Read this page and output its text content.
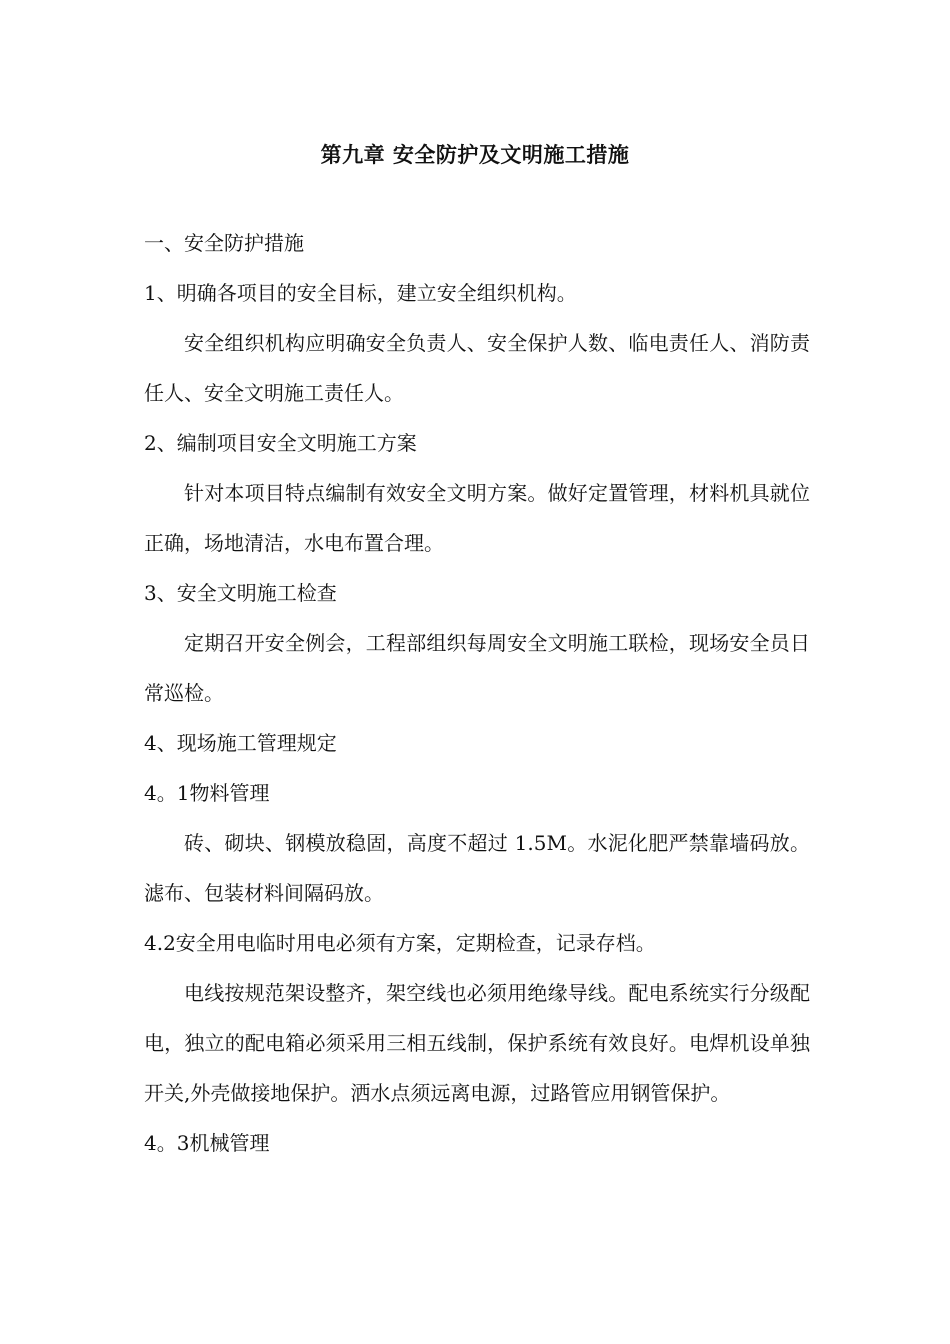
第九章 安全防护及文明施工措施

一、安全防护措施

1、明确各项目的安全目标，建立安全组织机构。

安全组织机构应明确安全负责人、安全保护人数、临电责任人、消防责任人、安全文明施工责任人。

2、编制项目安全文明施工方案

针对本项目特点编制有效安全文明方案。做好定置管理，材料机具就位正确，场地清洁，水电布置合理。

3、安全文明施工检查

定期召开安全例会，工程部组织每周安全文明施工联检，现场安全员日常巡检。

4、现场施工管理规定

4。1物料管理

砖、砌块、钢模放稳固，高度不超过 1.5M。水泥化肥严禁靠墙码放。滤布、包装材料间隔码放。

4.2安全用电临时用电必须有方案，定期检查，记录存档。

电线按规范架设整齐，架空线也必须用绝缘导线。配电系统实行分级配电，独立的配电箱必须采用三相五线制，保护系统有效良好。电焊机设单独开关,外壳做接地保护。洒水点须远离电源，过路管应用钢管保护。

4。3机械管理
